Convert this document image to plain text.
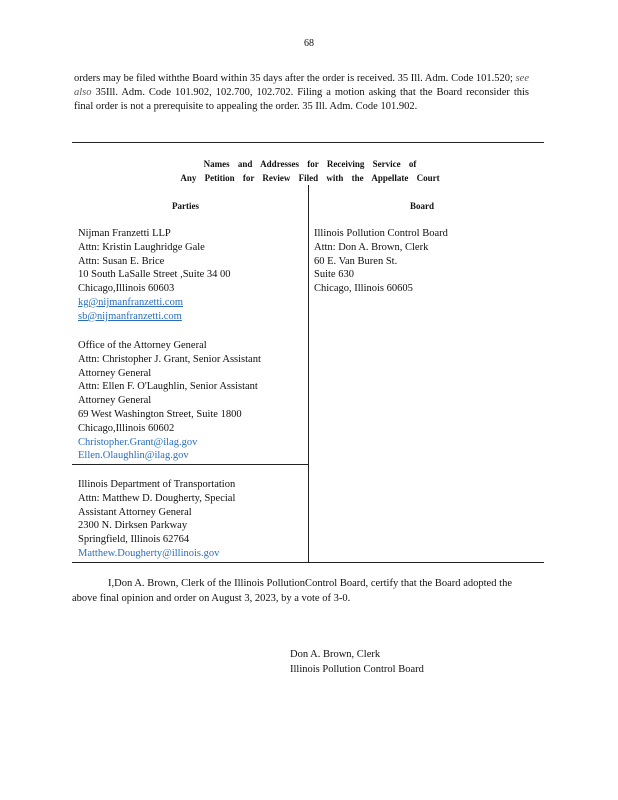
68
orders may be filed withthe Board within 35 days after the order is received. 35 Ill. Adm. Code 101.520; see also 35Ill. Adm. Code 101.902, 102.700, 102.702. Filing a motion asking that the Board reconsider this final order is not a prerequisite to appealing the order. 35 Ill. Adm. Code 101.902.
Names and Addresses for Receiving Service of
Any Petition for Review Filed with the Appellate Court
Parties	Board
Nijman Franzetti LLP
Attn: Kristin Laughridge Gale
Attn: Susan E. Brice
10 South LaSalle Street ,Suite 34 00
Chicago,Illinois 60603
kg@nijmanfranzetti.com
sb@nijmanfranzetti.com
Office of the Attorney General
Attn: Christopher J. Grant, Senior Assistant
Attorney General
Attn: Ellen F. O'Laughlin, Senior Assistant
Attorney General
69 West Washington Street, Suite 1800
Chicago,Illinois 60602
Christopher.Grant@ilag.gov
Ellen.Olaughlin@ilag.gov
Illinois Department of Transportation
Attn: Matthew D. Dougherty, Special
Assistant Attorney General
2300 N. Dirksen Parkway
Springfield, Illinois 62764
Matthew.Dougherty@illinois.gov
Illinois Pollution Control Board
Attn: Don A. Brown, Clerk
60 E. Van Buren St.
Suite 630
Chicago, Illinois 60605
I,Don A. Brown, Clerk of the Illinois PollutionControl Board, certify that the Board adopted the above final opinion and order on August 3, 2023, by a vote of 3-0.
Don A. Brown, Clerk
Illinois Pollution Control Board
